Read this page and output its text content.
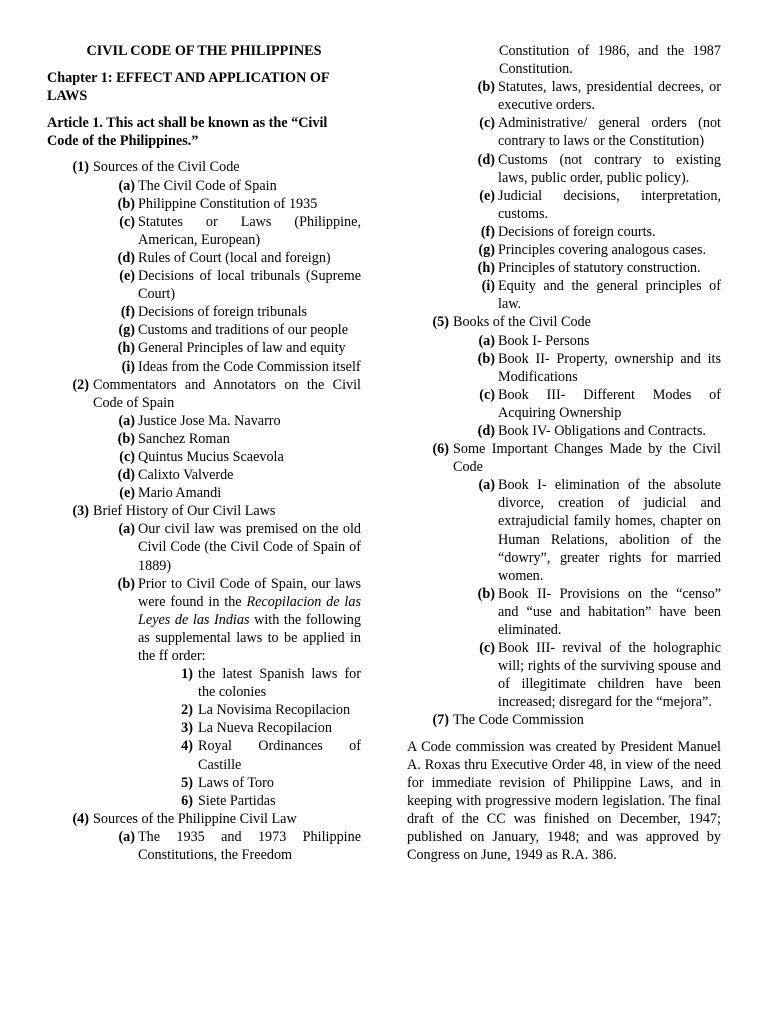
CIVIL CODE OF THE PHILIPPINES
Chapter 1: EFFECT AND APPLICATION OF LAWS
Article 1. This act shall be known as the “Civil Code of the Philippines.”
(1) Sources of the Civil Code
(a) The Civil Code of Spain
(b) Philippine Constitution of 1935
(c) Statutes or Laws (Philippine, American, European)
(d) Rules of Court (local and foreign)
(e) Decisions of local tribunals (Supreme Court)
(f) Decisions of foreign tribunals
(g) Customs and traditions of our people
(h) General Principles of law and equity
(i) Ideas from the Code Commission itself
(2) Commentators and Annotators on the Civil Code of Spain
(a) Justice Jose Ma. Navarro
(b) Sanchez Roman
(c) Quintus Mucius Scaevola
(d) Calixto Valverde
(e) Mario Amandi
(3) Brief History of Our Civil Laws
(a) Our civil law was premised on the old Civil Code (the Civil Code of Spain of 1889)
(b) Prior to Civil Code of Spain, our laws were found in the Recopilacion de las Leyes de las Indias with the following as supplemental laws to be applied in the ff order:
1) the latest Spanish laws for the colonies
2) La Novisima Recopilacion
3) La Nueva Recopilacion
4) Royal Ordinances of Castille
5) Laws of Toro
6) Siete Partidas
(4) Sources of the Philippine Civil Law
(a) The 1935 and 1973 Philippine Constitutions, the Freedom
Constitution of 1986, and the 1987 Constitution.
(b) Statutes, laws, presidential decrees, or executive orders.
(c) Administrative/ general orders (not contrary to laws or the Constitution)
(d) Customs (not contrary to existing laws, public order, public policy).
(e) Judicial decisions, interpretation, customs.
(f) Decisions of foreign courts.
(g) Principles covering analogous cases.
(h) Principles of statutory construction.
(i) Equity and the general principles of law.
(5) Books of the Civil Code
(a) Book I- Persons
(b) Book II- Property, ownership and its Modifications
(c) Book III- Different Modes of Acquiring Ownership
(d) Book IV- Obligations and Contracts.
(6) Some Important Changes Made by the Civil Code
(a) Book I- elimination of the absolute divorce, creation of judicial and extrajudicial family homes, chapter on Human Relations, abolition of the “dowry”, greater rights for married women.
(b) Book II- Provisions on the “censo” and “use and habitation” have been eliminated.
(c) Book III- revival of the holographic will; rights of the surviving spouse and of illegitimate children have been increased; disregard for the “mejora”.
(7) The Code Commission
A Code commission was created by President Manuel A. Roxas thru Executive Order 48, in view of the need for immediate revision of Philippine Laws, and in keeping with progressive modern legislation. The final draft of the CC was finished on December, 1947; published on January, 1948; and was approved by Congress on June, 1949 as R.A. 386.
